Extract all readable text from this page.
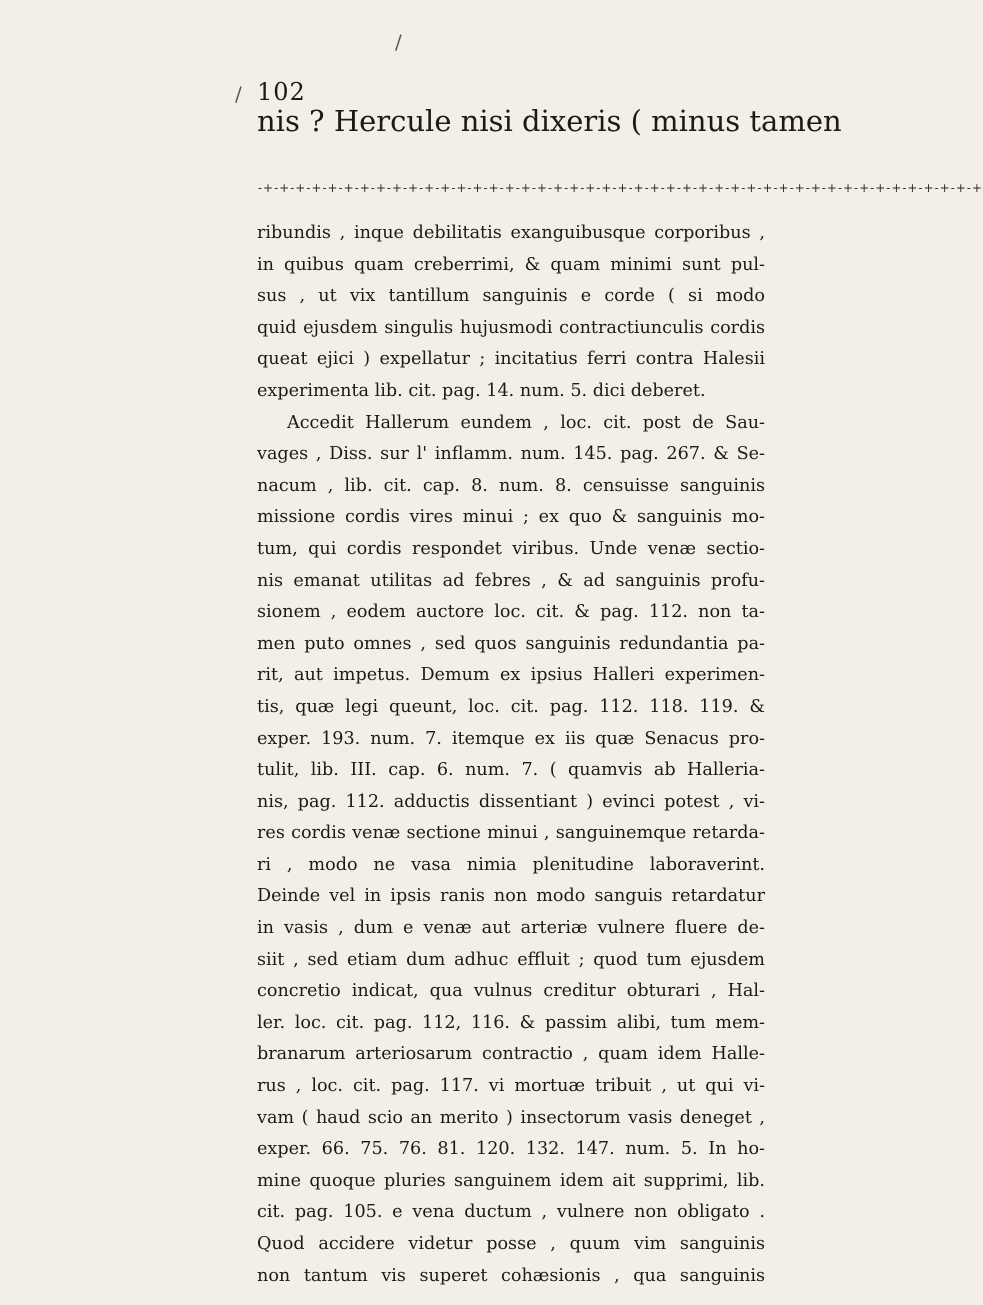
/
/ 102
nis ? Hercule nisi dixeris ( minus tamen
-+-+-+-+-+-+-+-+-+-+-+-+-+-+-+-+-+-+-+-+-+-+-+-+-+-+-+-+-+-+-+-+-+-+-+-+-+-+-+-+-+-+-+-+-+
ribundis , inque debilitatis exanguibusque corporibus ,
in quibus quam creberrimi, & quam minimi sunt pul-
sus , ut vix tantillum sanguinis e corde ( si modo
quid ejusdem singulis hujusmodi contractiunculis cordis
queat ejici ) expellatur ; incitatius ferri contra Halesii
experimenta lib. cit. pag. 14. num. 5. dici deberet.
Accedit Hallerum eundem , loc. cit. post de Sau-
vages , Diss. sur l' inflamm. num. 145. pag. 267. & Se-
nacum , lib. cit. cap. 8. num. 8. censuisse sanguinis
missione cordis vires minui ; ex quo & sanguinis mo-
tum, qui cordis respondet viribus. Unde venæ sectio-
nis emanat utilitas ad febres , & ad sanguinis profu-
sionem , eodem auctore loc. cit. & pag. 112. non ta-
men puto omnes , sed quos sanguinis redundantia pa-
rit, aut impetus. Demum ex ipsius Halleri experimen-
tis, quæ legi queunt, loc. cit. pag. 112. 118. 119. &
exper. 193. num. 7. itemque ex iis quæ Senacus pro-
tulit, lib. III. cap. 6. num. 7. ( quamvis ab Halleria-
nis, pag. 112. adductis dissentiant ) evinci potest , vi-
res cordis venæ sectione minui , sanguinemque retarda-
ri , modo ne vasa nimia plenitudine laboraverint.
Deinde vel in ipsis ranis non modo sanguis retardatur
in vasis , dum e venæ aut arteriæ vulnere fluere de-
siit , sed etiam dum adhuc effluit ; quod tum ejusdem
concretio indicat, qua vulnus creditur obturari , Hal-
ler. loc. cit. pag. 112, 116. & passim alibi, tum mem-
branarum arteriosarum contractio , quam idem Halle-
rus , loc. cit. pag. 117. vi mortuæ tribuit , ut qui vi-
vam ( haud scio an merito ) insectorum vasis deneget ,
exper. 66. 75. 76. 81. 120. 132. 147. num. 5. In ho-
mine quoque pluries sanguinem idem ait supprimi, lib.
cit. pag. 105. e vena ductum , vulnere non obligato .
Quod accidere videtur posse , quum vim sanguinis
non tantum vis superet cohæsionis , qua sanguinis
